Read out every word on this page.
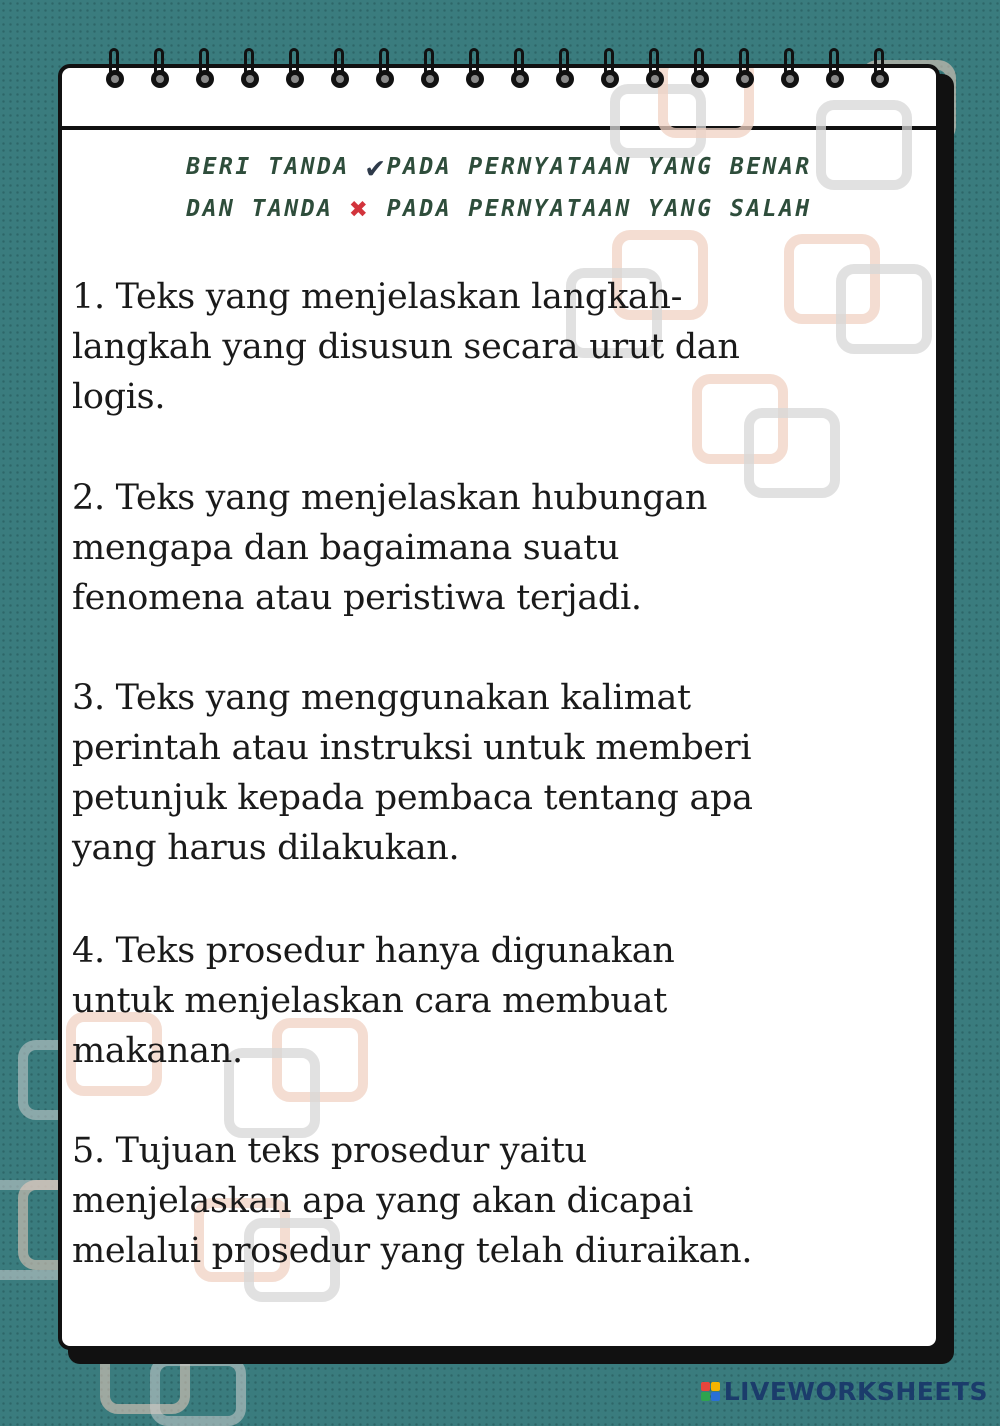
BERI TANDA ✔PADA PERNYATAAN YANG BENAR
DAN TANDA ✖ PADA PERNYATAAN YANG SALAH
1. Teks yang menjelaskan langkah-langkah yang disusun secara urut dan logis.
2. Teks yang menjelaskan hubungan mengapa dan bagaimana suatu fenomena atau peristiwa terjadi.
3. Teks yang menggunakan kalimat perintah atau instruksi untuk memberi petunjuk kepada pembaca tentang apa yang harus dilakukan.
4. Teks prosedur hanya digunakan untuk menjelaskan cara membuat makanan.
5. Tujuan teks prosedur yaitu menjelaskan apa yang akan dicapai melalui prosedur yang telah diuraikan.
LIVEWORKSHEETS
